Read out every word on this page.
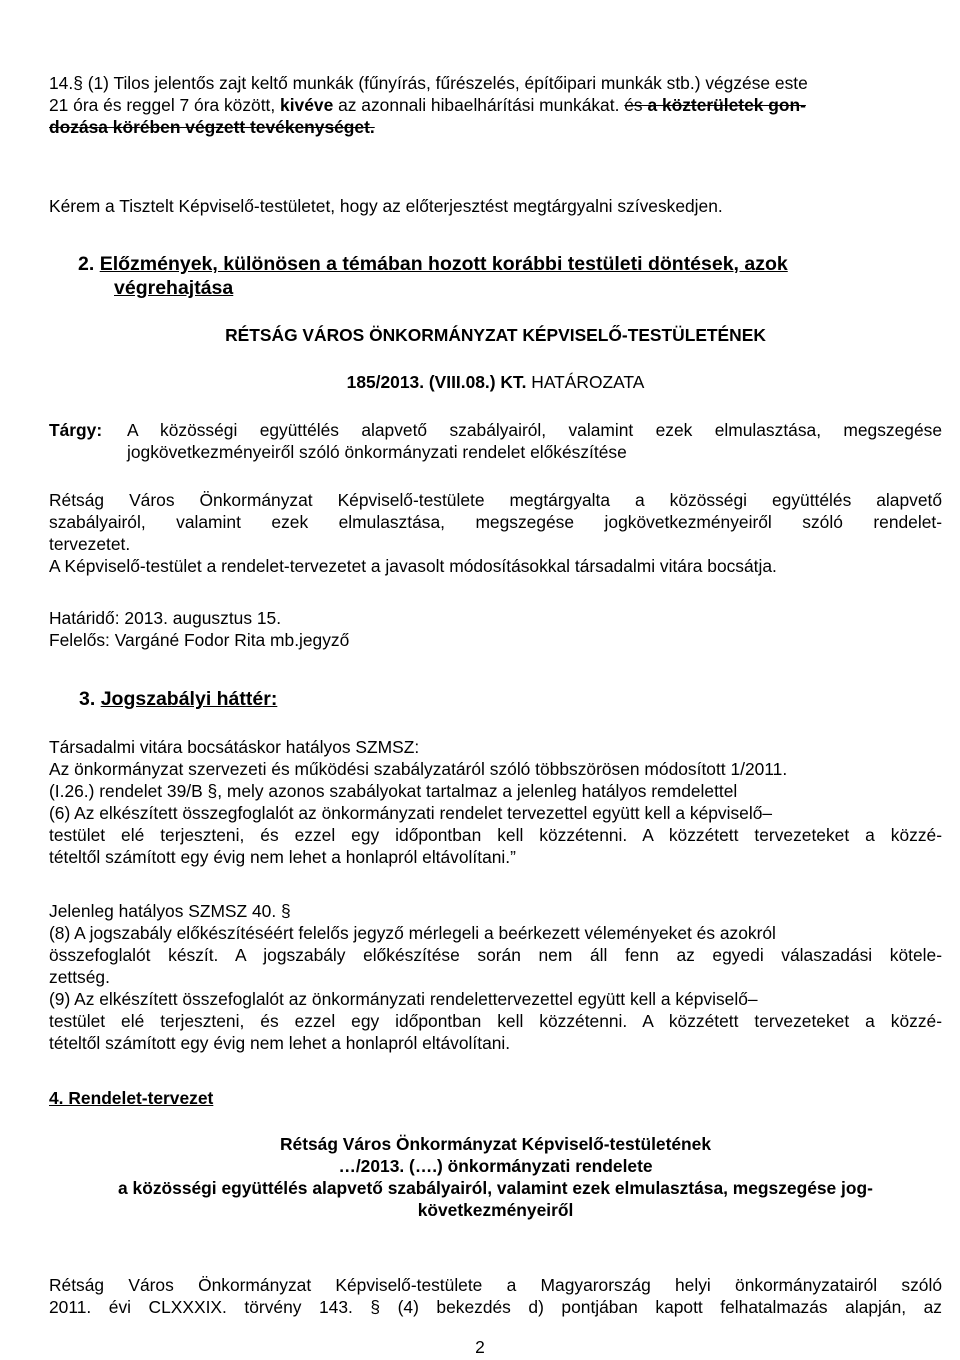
14.§ (1) Tilos jelentős zajt keltő munkák (fűnyírás, fűrészelés, építőipari munkák stb.) végzése este
21 óra és reggel 7 óra között, kivéve az azonnali hibaelhárítási munkákat. és a közterületek gon-
dozása körében végzett tevékenységet.
Kérem a Tisztelt Képviselő-testületet, hogy az előterjesztést megtárgyalni szíveskedjen.
2. Előzmények, különösen a témában hozott korábbi testületi döntések, azok
végrehajtása
RÉTSÁG VÁROS ÖNKORMÁNYZAT KÉPVISELŐ-TESTÜLETÉNEK
185/2013. (VIII.08.) KT. HATÁROZATA
Tárgy: A közösségi együttélés alapvető szabályairól, valamint ezek elmulasztása, megszegése
jogkövetkezményeiről szóló önkormányzati rendelet előkészítése
Rétság Város Önkormányzat Képviselő-testülete megtárgyalta a közösségi együttélés alapvető
szabályairól, valamint ezek elmulasztása, megszegése jogkövetkezményeiről szóló rendelet-
tervezetet.
A Képviselő-testület a rendelet-tervezetet a javasolt módosításokkal társadalmi vitára bocsátja.
Határidő: 2013. augusztus 15.
Felelős: Vargáné Fodor Rita mb.jegyző
3. Jogszabályi háttér:
Társadalmi vitára bocsátáskor hatályos SZMSZ:
Az önkormányzat szervezeti és működési szabályzatáról szóló többszörösen módosított 1/2011.
(I.26.) rendelet 39/B §, mely azonos szabályokat tartalmaz a jelenleg hatályos remdelettel
(6) Az elkészített összegfoglalót az önkormányzati rendelet tervezettel együtt kell a képviselő–
testület elé terjeszteni, és ezzel egy időpontban kell közzétenni. A közzétett tervezeteket a közzé-
tételtől számított egy évig nem lehet a honlapról eltávolítani.”
Jelenleg hatályos SZMSZ 40. §
(8) A jogszabály előkészítéséért felelős jegyző mérlegeli a beérkezett véleményeket és azokról
összefoglalót készít. A jogszabály előkészítése során nem áll fenn az egyedi válaszadási kötele-
zettség.
(9) Az elkészített összefoglalót az önkormányzati rendelettervezettel együtt kell a képviselő–
testület elé terjeszteni, és ezzel egy időpontban kell közzétenni. A közzétett tervezeteket a közzé-
tételtől számított egy évig nem lehet a honlapról eltávolítani.
4. Rendelet-tervezet
Rétság Város Önkormányzat Képviselő-testületének
…/2013. (….) önkormányzati rendelete
a közösségi együttélés alapvető szabályairól, valamint ezek elmulasztása, megszegése jog-
következményeiről
Rétság Város Önkormányzat Képviselő-testülete a Magyarország helyi önkormányzatairól szóló
2011. évi CLXXXIX. törvény 143. § (4) bekezdés d) pontjában kapott felhatalmazás alapján, az
2
